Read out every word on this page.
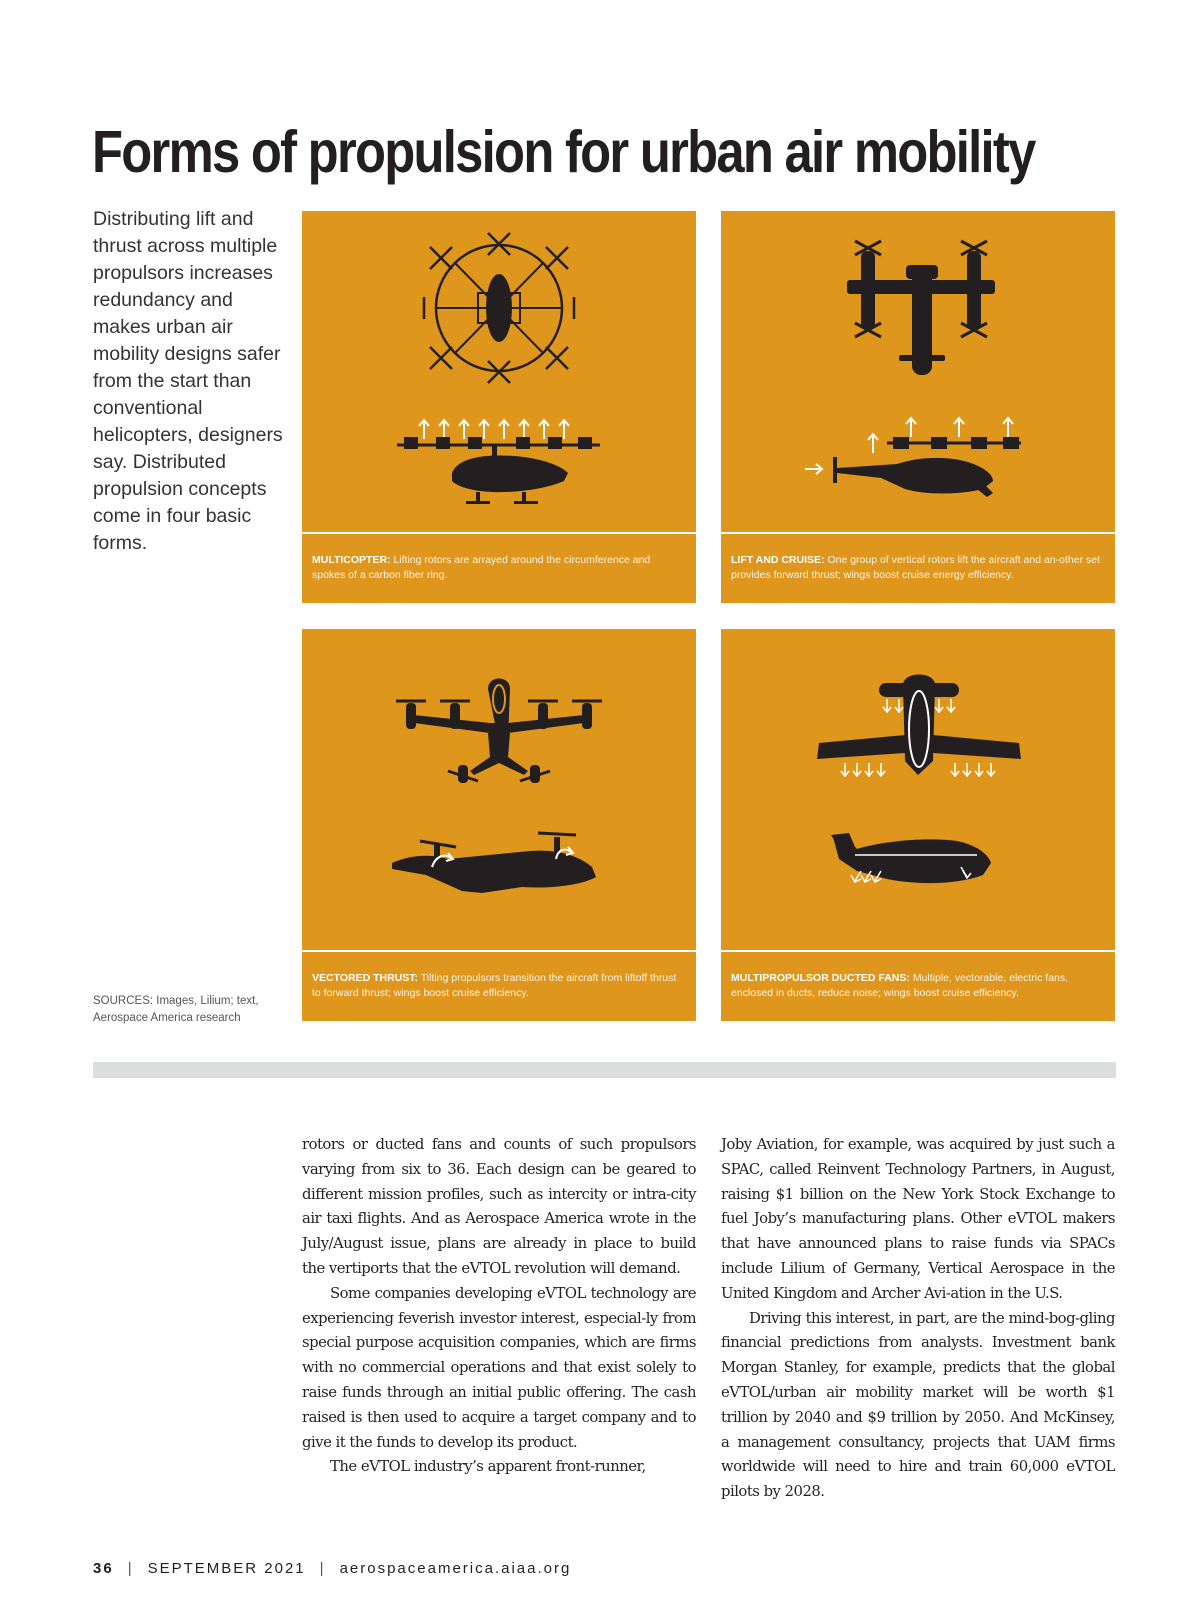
Forms of propulsion for urban air mobility

Distributing lift and thrust across multiple propulsors increases redundancy and makes urban air mobility designs safer from the start than conventional helicopters, designers say. Distributed propulsion concepts come in four basic forms.

SOURCES: Images, Lilium; text, Aerospace America research

MULTICOPTER: Lifting rotors are arrayed around the circumference and spokes of a carbon fiber ring.
LIFT AND CRUISE: One group of vertical rotors lift the aircraft and an-other set provides forward thrust; wings boost cruise energy efficiency.
VECTORED THRUST: Tilting propulsors transition the aircraft from liftoff thrust to forward thrust; wings boost cruise efficiency.
MULTIPROPULSOR DUCTED FANS: Multiple, vectorable, electric fans, enclosed in ducts, reduce noise; wings boost cruise efficiency.

rotors or ducted fans and counts of such propulsors varying from six to 36. Each design can be geared to different mission profiles, such as intercity or intra-city air taxi flights. And as Aerospace America wrote in the July/August issue, plans are already in place to build the vertiports that the eVTOL revolution will demand.

Some companies developing eVTOL technology are experiencing feverish investor interest, especial-ly from special purpose acquisition companies, which are firms with no commercial operations and that exist solely to raise funds through an initial public offering. The cash raised is then used to acquire a target company and to give it the funds to develop its product.

The eVTOL industry’s apparent front-runner,

Joby Aviation, for example, was acquired by just such a SPAC, called Reinvent Technology Partners, in August, raising $1 billion on the New York Stock Exchange to fuel Joby’s manufacturing plans. Other eVTOL makers that have announced plans to raise funds via SPACs include Lilium of Germany, Vertical Aerospace in the United Kingdom and Archer Avi-ation in the U.S.

Driving this interest, in part, are the mind-bog-gling financial predictions from analysts. Investment bank Morgan Stanley, for example, predicts that the global eVTOL/urban air mobility market will be worth $1 trillion by 2040 and $9 trillion by 2050. And McKinsey, a management consultancy, projects that UAM firms worldwide will need to hire and train 60,000 eVTOL pilots by 2028.

36 | SEPTEMBER 2021 | aerospaceamerica.aiaa.org
